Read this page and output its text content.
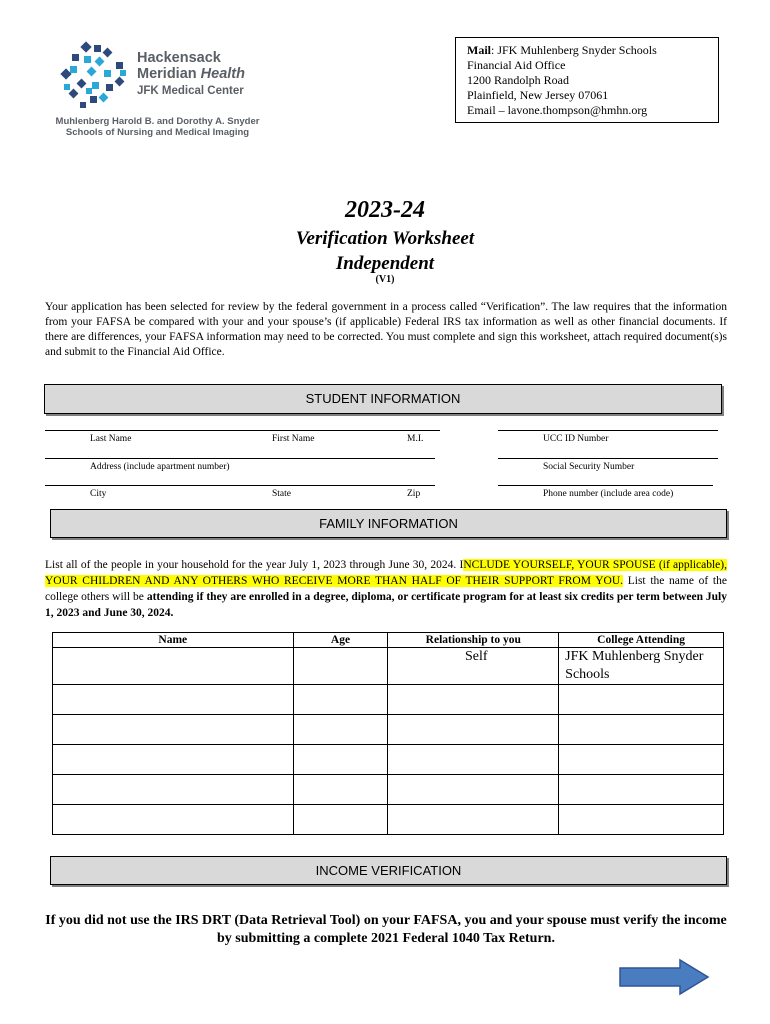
Hackensack
Meridian Health
JFK Medical Center
Muhlenberg Harold B. and Dorothy A. Snyder
Schools of Nursing and Medical Imaging
Mail: JFK Muhlenberg Snyder Schools
Financial Aid Office
1200 Randolph Road
Plainfield, New Jersey 07061
Email – lavone.thompson@hmhn.org
2023-24
Verification Worksheet
Independent
(V1)
Your application has been selected for review by the federal government in a process called “Verification”. The law requires that the information from your FAFSA be compared with your and your spouse’s (if applicable) Federal IRS tax information as well as other financial documents. If there are differences, your FAFSA information may need to be corrected. You must complete and sign this worksheet, attach required document(s)s and submit to the Financial Aid Office.
STUDENT INFORMATION
Last Name	First Name	M.I.	UCC ID Number
Address (include apartment number)	Social Security Number
City	State	Zip	Phone number (include area code)
FAMILY INFORMATION
List all of the people in your household for the year July 1, 2023 through June 30, 2024. INCLUDE YOURSELF, YOUR SPOUSE (if applicable), YOUR CHILDREN AND ANY OTHERS WHO RECEIVE MORE THAN HALF OF THEIR SUPPORT FROM YOU. List the name of the college others will be attending if they are enrolled in a degree, diploma, or certificate program for at least six credits per term between July 1, 2023 and June 30, 2024.
Name	Age	Relationship to you	College Attending
		Self	JFK Muhlenberg Snyder Schools

INCOME VERIFICATION
If you did not use the IRS DRT (Data Retrieval Tool) on your FAFSA, you and your spouse must verify the income by submitting a complete 2021 Federal 1040 Tax Return.
